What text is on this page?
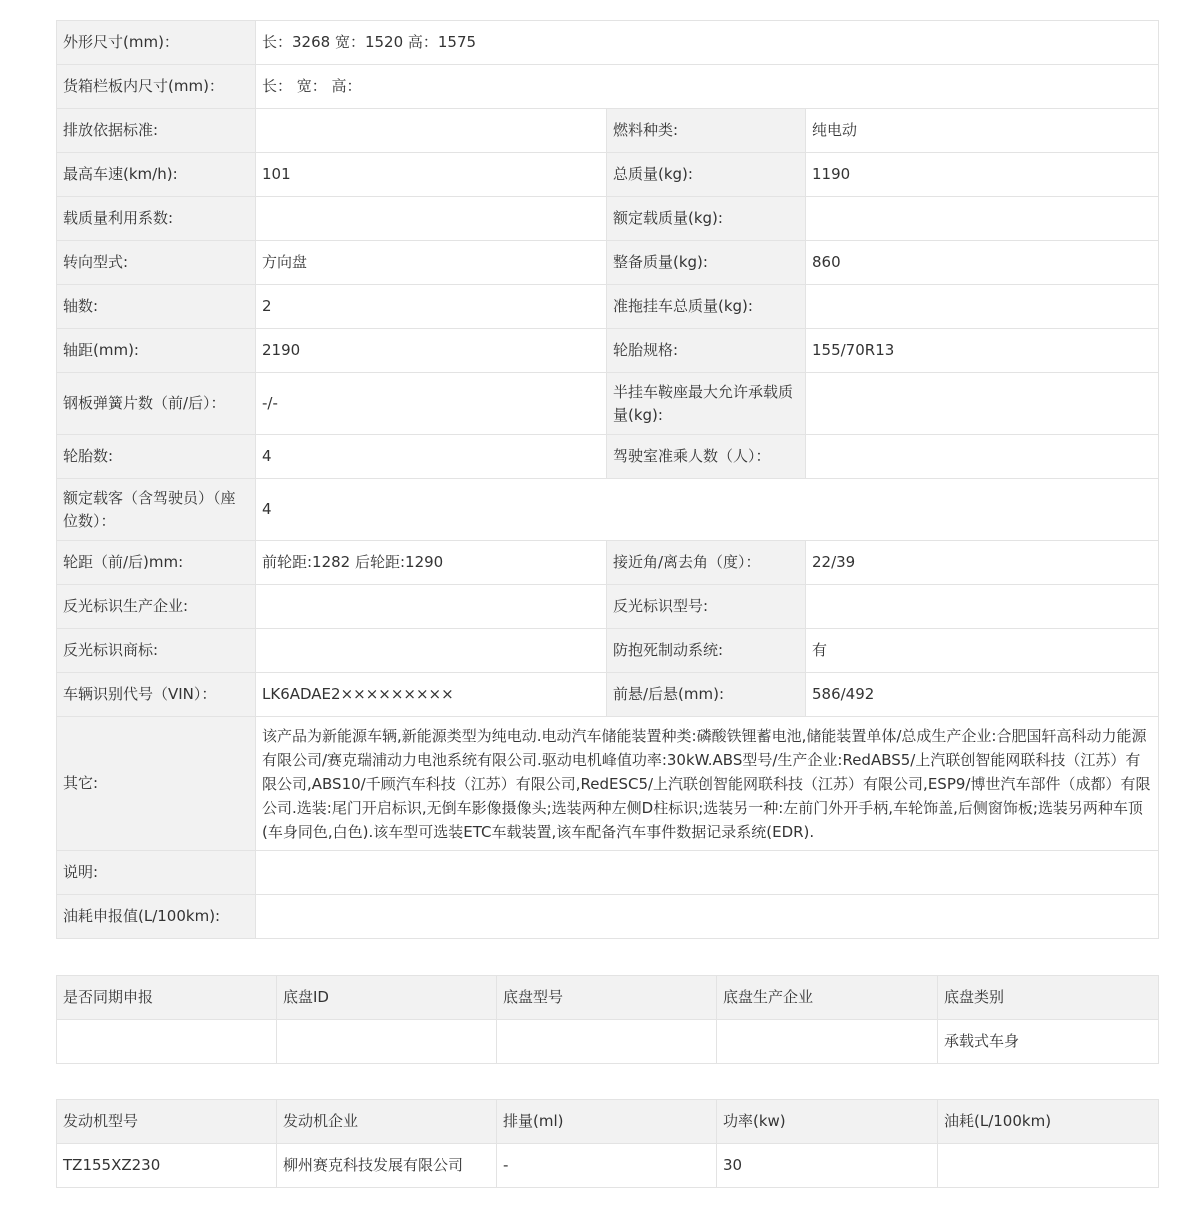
外形尺寸(mm)：	长：3268 宽：1520 高：1575		
货箱栏板内尺寸(mm)：	长： 宽： 高：		
排放依据标准:		燃料种类:	纯电动
最高车速(km/h):	101	总质量(kg):	1190
载质量利用系数:		额定载质量(kg):	
转向型式:	方向盘	整备质量(kg):	860
轴数:	2	准拖挂车总质量(kg):	
轴距(mm):	2190	轮胎规格:	155/70R13
钢板弹簧片数（前/后）：	-/-	半挂车鞍座最大允许承载质量(kg):	
轮胎数:	4	驾驶室准乘人数（人）：	
额定载客（含驾驶员）（座位数）：	4		
轮距（前/后)mm:	前轮距:1282 后轮距:1290	接近角/离去角（度）：	22/39
反光标识生产企业:		反光标识型号:	
反光标识商标:		防抱死制动系统:	有
车辆识别代号（VIN）：	LK6ADAE2×××××××××	前悬/后悬(mm):	586/492
其它:	该产品为新能源车辆,新能源类型为纯电动.电动汽车储能装置种类:磷酸铁锂蓄电池,储能装置单体/总成生产企业:合肥国轩高科动力能源有限公司/赛克瑞浦动力电池系统有限公司.驱动电机峰值功率:30kW.ABS型号/生产企业:RedABS5/上汽联创智能网联科技（江苏）有限公司,ABS10/千顾汽车科技（江苏）有限公司,RedESC5/上汽联创智能网联科技（江苏）有限公司,ESP9/博世汽车部件（成都）有限公司.选装:尾门开启标识,无倒车影像摄像头;选装两种左侧D柱标识;选装另一种:左前门外开手柄,车轮饰盖,后侧窗饰板;选装另两种车顶(车身同色,白色).该车型可选装ETC车载装置,该车配备汽车事件数据记录系统(EDR).		
说明:			
油耗申报值(L/100km):			
是否同期申报	底盘ID	底盘型号	底盘生产企业	底盘类别
				承载式车身
发动机型号	发动机企业	排量(ml)	功率(kw)	油耗(L/100km)
TZ155XZ230	柳州赛克科技发展有限公司	-	30	
